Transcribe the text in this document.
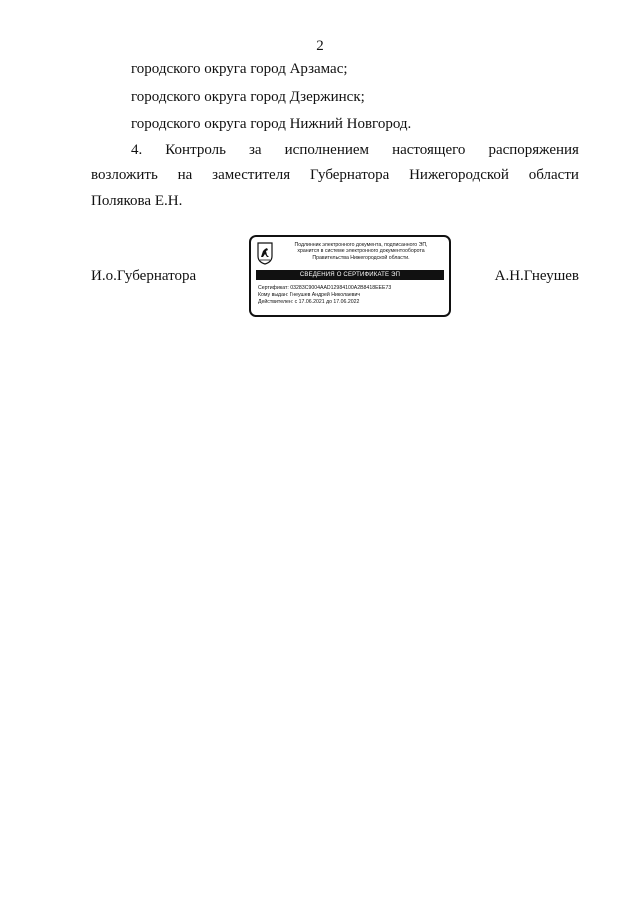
2
городского округа город Арзамас;
городского округа город Дзержинск;
городского округа город Нижний Новгород.
4. Контроль за исполнением настоящего распоряжения
возложить на заместителя Губернатора Нижегородской области
Полякова Е.Н.
И.о.Губернатора
Подлинник электронного документа, подписанного ЭП,
хранится в системе электронного документооборота
Правительства Нижегородской области.
СВЕДЕНИЯ О СЕРТИФИКАТЕ ЭП
Сертификат: 03283C9004AAD12984100A2B8418EEE73
Кому выдан: Гнеушев Андрей Николаевич
Действителен: с 17.06.2021 до 17.06.2022
А.Н.Гнеушев
